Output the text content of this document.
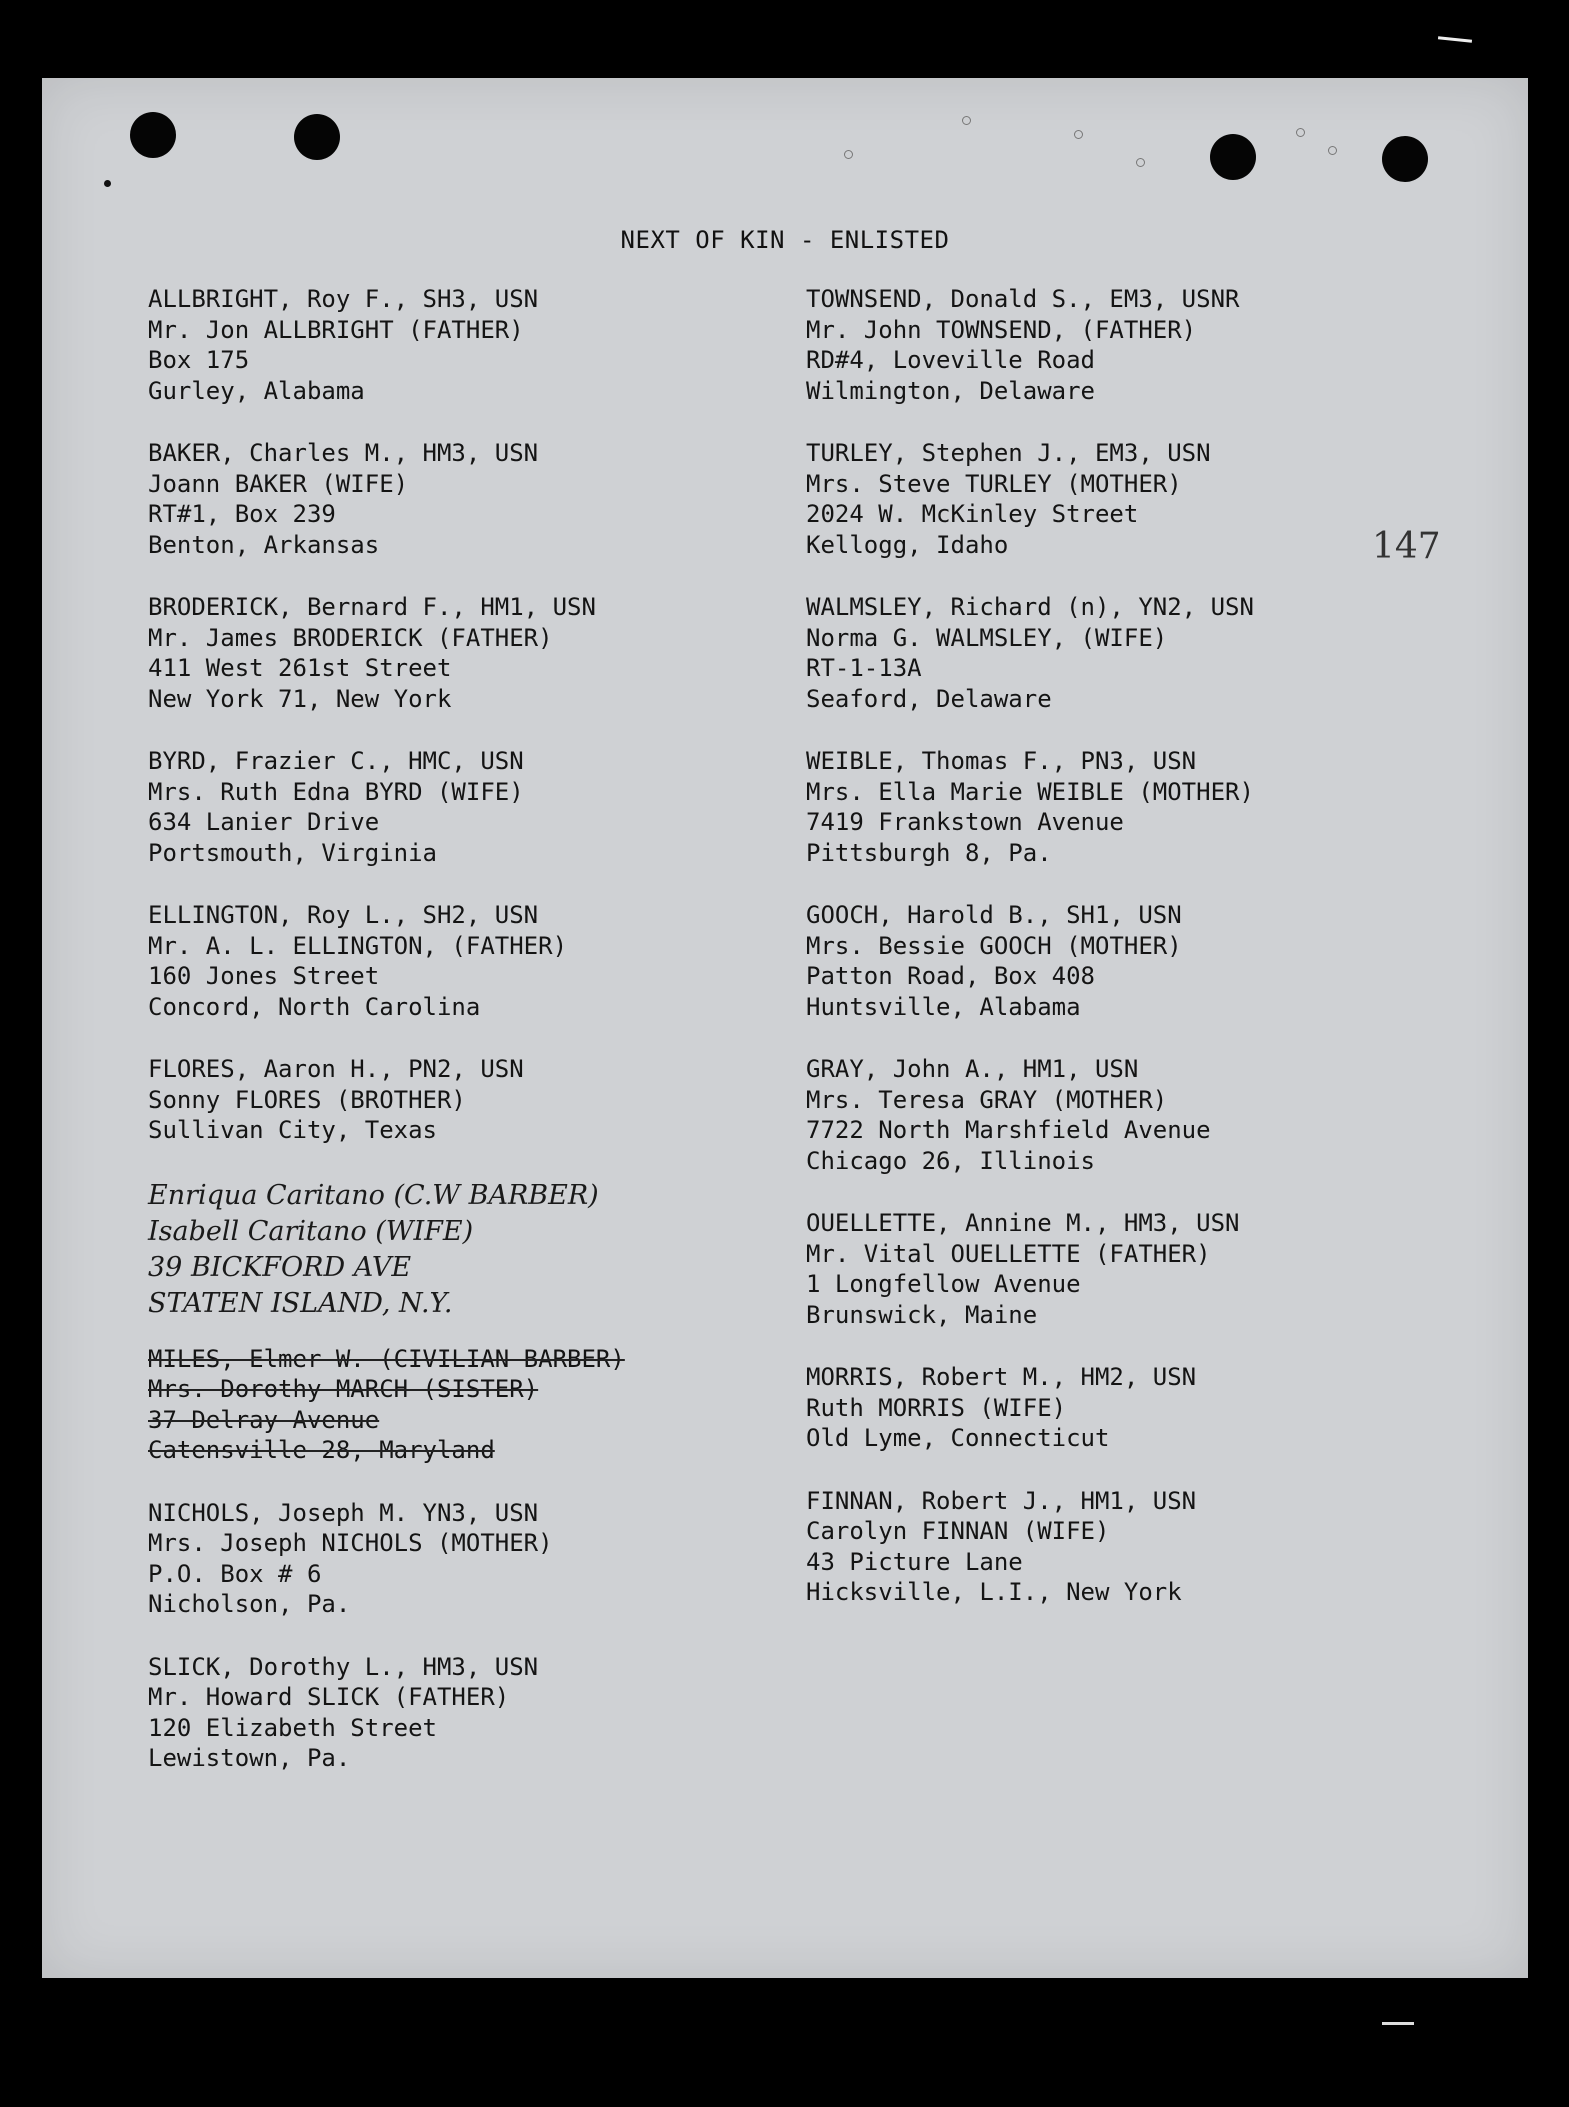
NEXT OF KIN - ENLISTED
ALLBRIGHT, Roy F., SH3, USN
Mr. Jon ALLBRIGHT (FATHER)
Box 175
Gurley, Alabama
BAKER, Charles M., HM3, USN
Joann BAKER (WIFE)
RT#1, Box 239
Benton, Arkansas
BRODERICK, Bernard F., HM1, USN
Mr. James BRODERICK (FATHER)
411 West 261st Street
New York 71, New York
BYRD, Frazier C., HMC, USN
Mrs. Ruth Edna BYRD (WIFE)
634 Lanier Drive
Portsmouth, Virginia
ELLINGTON, Roy L., SH2, USN
Mr. A. L. ELLINGTON, (FATHER)
160 Jones Street
Concord, North Carolina
FLORES, Aaron H., PN2, USN
Sonny FLORES (BROTHER)
Sullivan City, Texas
Enriqua Caritano (C.W BARBER)
Isabell Caritano (WIFE)
39 BICKFORD AVE
STATEN ISLAND, N.Y.
MILES, Elmer W. (CIVILIAN BARBER)
Mrs. Dorothy MARCH (SISTER)
37 Delray Avenue
Catensville 28, Maryland
NICHOLS, Joseph M. YN3, USN
Mrs. Joseph NICHOLS (MOTHER)
P.O. Box # 6
Nicholson, Pa.
SLICK, Dorothy L., HM3, USN
Mr. Howard SLICK (FATHER)
120 Elizabeth Street
Lewistown, Pa.
TOWNSEND, Donald S., EM3, USNR
Mr. John TOWNSEND, (FATHER)
RD#4, Loveville Road
Wilmington, Delaware
TURLEY, Stephen J., EM3, USN
Mrs. Steve TURLEY (MOTHER)
2024 W. McKinley Street
Kellogg, Idaho
WALMSLEY, Richard (n), YN2, USN
Norma G. WALMSLEY, (WIFE)
RT-1-13A
Seaford, Delaware
WEIBLE, Thomas F., PN3, USN
Mrs. Ella Marie WEIBLE (MOTHER)
7419 Frankstown Avenue
Pittsburgh 8, Pa.
GOOCH, Harold B., SH1, USN
Mrs. Bessie GOOCH (MOTHER)
Patton Road, Box 408
Huntsville, Alabama
GRAY, John A., HM1, USN
Mrs. Teresa GRAY (MOTHER)
7722 North Marshfield Avenue
Chicago 26, Illinois
OUELLETTE, Annine M., HM3, USN
Mr. Vital OUELLETTE (FATHER)
1 Longfellow Avenue
Brunswick, Maine
MORRIS, Robert M., HM2, USN
Ruth MORRIS (WIFE)
Old Lyme, Connecticut
FINNAN, Robert J., HM1, USN
Carolyn FINNAN (WIFE)
43 Picture Lane
Hicksville, L.I., New York
147
